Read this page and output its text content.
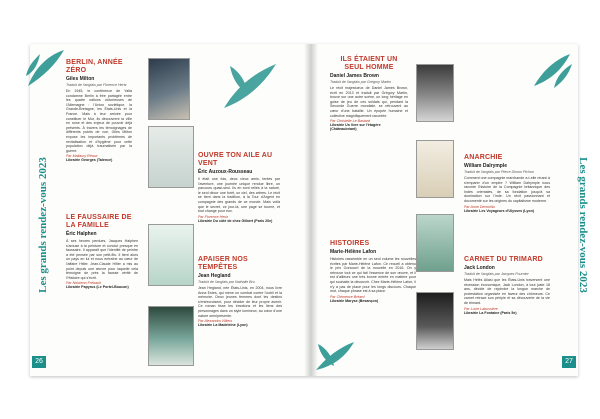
Les grands rendez-vous 2023
26
BERLIN, ANNÉE ZÉRO
Giles Milton
Traduit de l'anglais par Florence Hertz
En 1945, le conférence de Yalta condamne Berlin à être partagée entre les quatre nations victorieuses de l'Allemagne : l'Union soviétique, la Grande-Bretagne, les États-Unis et la France. Mais à leur arrivée pour constituer le Mur, ils découvrent la ville en ruine et des enjeux de pouvoir déjà présents. À travers les témoignages de différents points de vue, Giles Milton expose les importants problèmes de revitalisation et d'hygiène pour cette population déjà traumatisée par la guerre.
Par Mallaury Réaux
Librairie Georges (Talence)
OUVRE TON AILE AU VENT
Éric Auzoux-Rousseau
Il était une fois, deux vieux amis, tentés par l'aventure, une journée unique rendue libre, un parcours quasi-seul. Ils en sont reliés à la nature, le seul décor une forêt, un ciel, des arbres. Le récit se tient dans la tradition, à la Tour d'Argent en compagnie des grands de ce monde. Mais voilà que le secret, ce jour-là, une page se tourne, et tout change pour eux.
Par Florence Hertz
Librairie Du côté de chez Gilbert (Paris 20e)
LE FAUSSAIRE DE LA FAMILLE
Éric Halphen
À ses heures perdues, Jacques Halphen s'amuse à la peinture et conclut presque en faussaire. Il apparaît que l'identité de peintre a été pensée par son petit-fils. Il tient alors un pays en lui et nous entraîne au cœur de l'affaire Hitler. Jean-Claude Hitler a mis au point depuis une œuvre pour laquelle cela témoigne de près la fausse vérité de l'Histoire qui s'écrit.
Par Nolwenn Frébault
Librairie Papyrus (Le Portel-Boucon)
APAISER NOS TEMPÊTES
Jean Hegland
Traduit de l'anglais par Nathalie Bru
Jean Hegland, née États-Unis, en 2004, nous livre Anna Estes, qui mène un combat contre l'oubli et la mémoire. Deux jeunes femmes dont les destins s'entrecroisent, pour décider de leur propre avenir. Ce roman tisse les émotions et les liens des personnages dans un style lumineux, au cœur d'une nature omniprésente.
Par Alexandra Villiers
Librairie La Madeleine (Lyon)
Les grands rendez-vous 2023
27
ILS ÉTAIENT UN SEUL HOMME
Daniel James Brown
Traduit de l'anglais par Grégory Martin
Le récit majestueux de Daniel James Brown, écrit en 2013 et traduit par Grégory Martin, trouve sur une autre scène, un long héritage en guise de jeu de ces soldats qui, pendant la Seconde Guerre mondiale, se retrouvent au cœur d'une bataille. Un épopée humaine et collective magnifiquement racontée.
Par Christelle Le Bastard
Librairie Un livre sur l'étagère (Châteaubriant)
ANARCHIE
William Dalrymple
Traduit de l'anglais par Pierre-Simon Pichon
Comment une compagnie marchande a-t-elle réussi à s'emparer d'un empire ? William Dalrymple nous raconte l'histoire de la Compagnie britannique des Indes orientales, de sa fondation jusqu'à sa domination sur l'Inde. Un récit passionnant et documenté sur les origines du capitalisme moderne.
Par Anne Deconilla
Librairie Les Voyageurs d'Ulysses (Lyon)
HISTOIRES
Marie-Hélène Lafon
Histoires rassemble en un seul volume les nouvelles écrites par Marie-Hélène Lafon. Ce recueil a obtenu le prix Goncourt de la nouvelle en 2016. On y retrouve tout ce qui fait l'essence de son œuvre, et il est d'ailleurs une très bonne entrée en matière pour qui souhaite la découvrir. Chez Marie-Hélène Lafon, il n'y a pas de place pour les longs discours. Chaque mot, chaque phrase est à sa place.
Par Clémence Bréard
Librairie Maryse (Besançon)
CARNET DU TRIMARD
Jack London
Traduit de l'anglais par Jacques Fournier
Mais Hélès Aliasi que les États-Unis traversent une récession économique, Jack London, à tout juste 18 ans, décide de rejoindre la longue marche de protestation organisée en faveur des chômeurs. Ce carnet retrace son périple et sa découverte de la vie de trimard.
Par Lucie Labussière
Librairie La Fontaine (Paris 5e)
